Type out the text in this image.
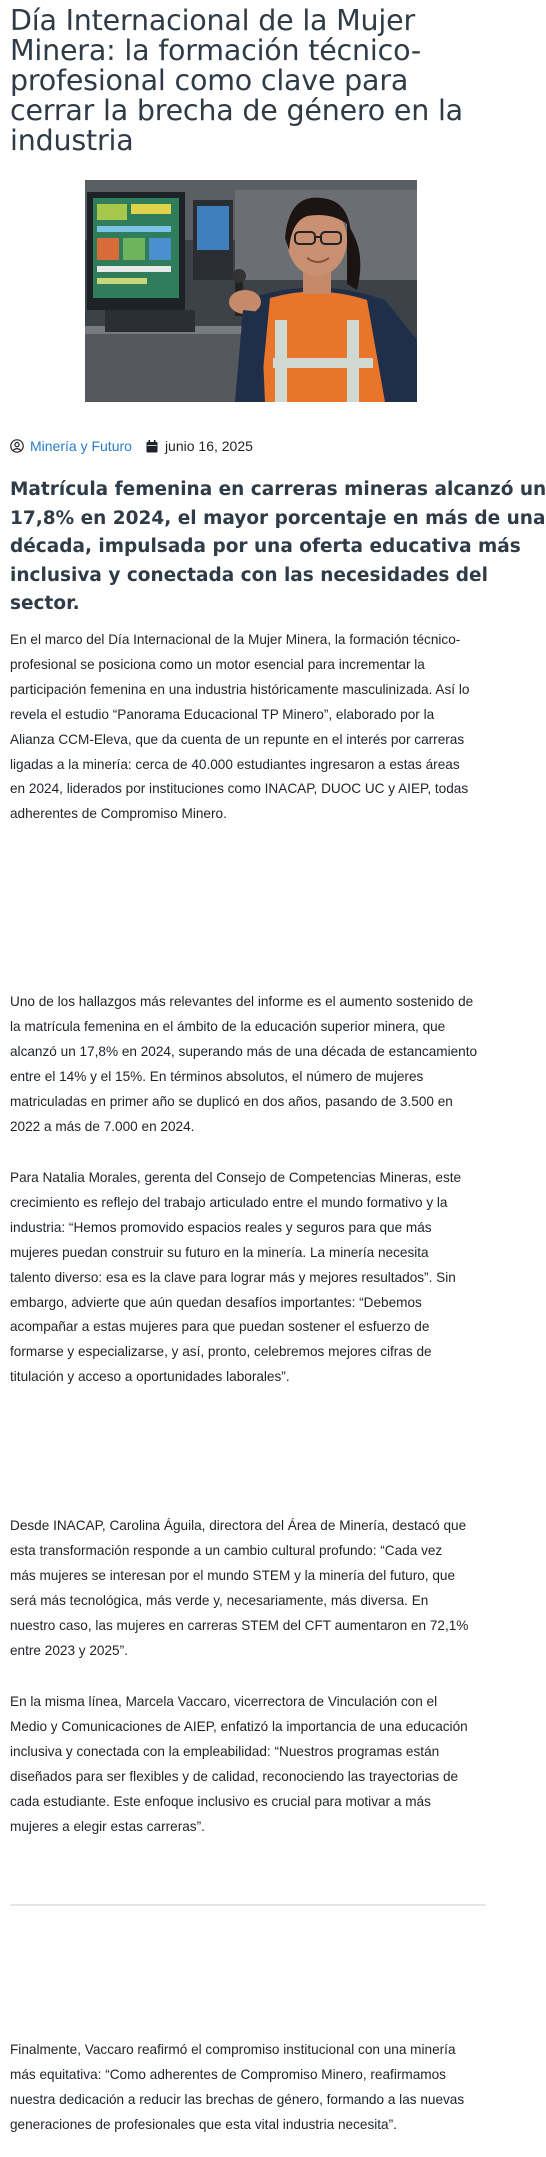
Día Internacional de la Mujer Minera: la formación técnico-profesional como clave para cerrar la brecha de género en la industria
Minería y Futuro junio 16, 2025
Matrícula femenina en carreras mineras alcanzó un
17,8% en 2024, el mayor porcentaje en más de una
década, impulsada por una oferta educativa más
inclusiva y conectada con las necesidades del
sector.
En el marco del Día Internacional de la Mujer Minera, la formación técnico-
profesional se posiciona como un motor esencial para incrementar la
participación femenina en una industria históricamente masculinizada. Así lo
revela el estudio “Panorama Educacional TP Minero”, elaborado por la
Alianza CCM-Eleva, que da cuenta de un repunte en el interés por carreras
ligadas a la minería: cerca de 40.000 estudiantes ingresaron a estas áreas
en 2024, liderados por instituciones como INACAP, DUOC UC y AIEP, todas
adherentes de Compromiso Minero.
Uno de los hallazgos más relevantes del informe es el aumento sostenido de
la matrícula femenina en el ámbito de la educación superior minera, que
alcanzó un 17,8% en 2024, superando más de una década de estancamiento
entre el 14% y el 15%. En términos absolutos, el número de mujeres
matriculadas en primer año se duplicó en dos años, pasando de 3.500 en
2022 a más de 7.000 en 2024.
Para Natalia Morales, gerenta del Consejo de Competencias Mineras, este
crecimiento es reflejo del trabajo articulado entre el mundo formativo y la
industria: “Hemos promovido espacios reales y seguros para que más
mujeres puedan construir su futuro en la minería. La minería necesita
talento diverso: esa es la clave para lograr más y mejores resultados”. Sin
embargo, advierte que aún quedan desafíos importantes: “Debemos
acompañar a estas mujeres para que puedan sostener el esfuerzo de
formarse y especializarse, y así, pronto, celebremos mejores cifras de
titulación y acceso a oportunidades laborales”.
Desde INACAP, Carolina Águila, directora del Área de Minería, destacó que
esta transformación responde a un cambio cultural profundo: “Cada vez
más mujeres se interesan por el mundo STEM y la minería del futuro, que
será más tecnológica, más verde y, necesariamente, más diversa. En
nuestro caso, las mujeres en carreras STEM del CFT aumentaron en 72,1%
entre 2023 y 2025”.
En la misma línea, Marcela Vaccaro, vicerrectora de Vinculación con el
Medio y Comunicaciones de AIEP, enfatizó la importancia de una educación
inclusiva y conectada con la empleabilidad: “Nuestros programas están
diseñados para ser flexibles y de calidad, reconociendo las trayectorias de
cada estudiante. Este enfoque inclusivo es crucial para motivar a más
mujeres a elegir estas carreras”.
Finalmente, Vaccaro reafirmó el compromiso institucional con una minería
más equitativa: “Como adherentes de Compromiso Minero, reafirmamos
nuestra dedicación a reducir las brechas de género, formando a las nuevas
generaciones de profesionales que esta vital industria necesita”.
